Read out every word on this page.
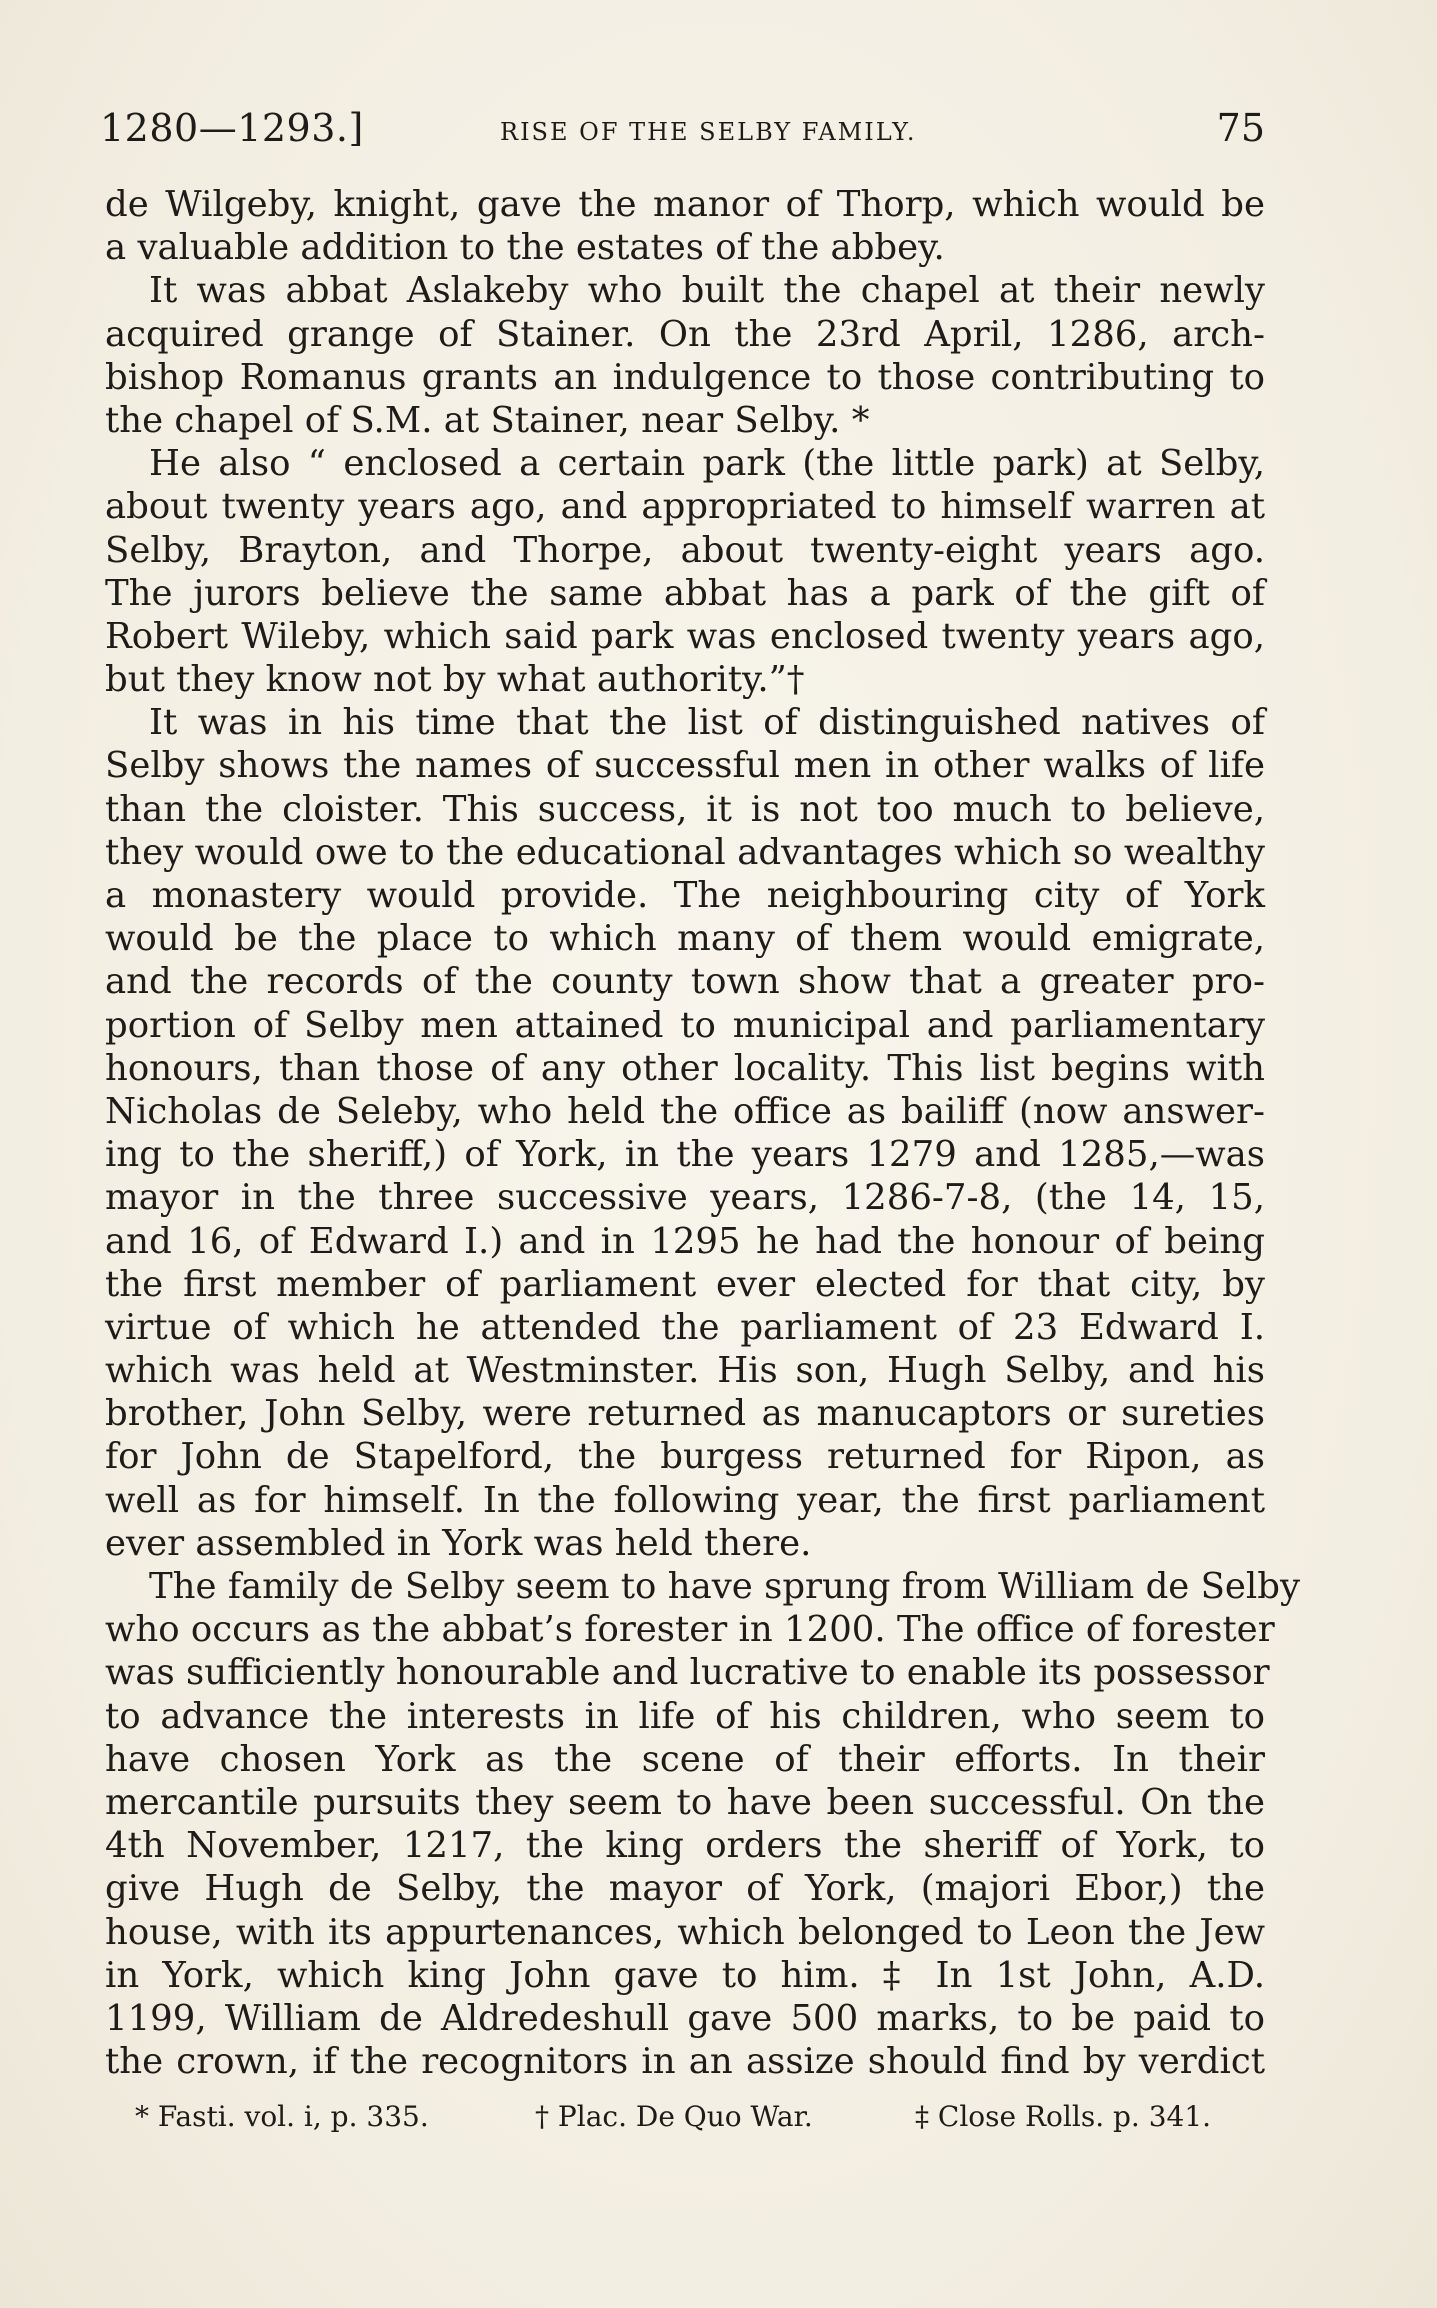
1280—1293.]	RISE OF THE SELBY FAMILY.	75
de Wilgeby, knight, gave the manor of Thorp, which would be
a valuable addition to the estates of the abbey.
It was abbat Aslakeby who built the chapel at their newly
acquired grange of Stainer. On the 23rd April, 1286, arch-
bishop Romanus grants an indulgence to those contributing to
the chapel of S.M. at Stainer, near Selby. *
He also “ enclosed a certain park (the little park) at Selby,
about twenty years ago, and appropriated to himself warren at
Selby, Brayton, and Thorpe, about twenty-eight years ago.
The jurors believe the same abbat has a park of the gift of
Robert Wileby, which said park was enclosed twenty years ago,
but they know not by what authority.”†
It was in his time that the list of distinguished natives of
Selby shows the names of successful men in other walks of life
than the cloister. This success, it is not too much to believe,
they would owe to the educational advantages which so wealthy
a monastery would provide. The neighbouring city of York
would be the place to which many of them would emigrate,
and the records of the county town show that a greater pro-
portion of Selby men attained to municipal and parliamentary
honours, than those of any other locality. This list begins with
Nicholas de Seleby, who held the office as bailiff (now answer-
ing to the sheriff,) of York, in the years 1279 and 1285,—was
mayor in the three successive years, 1286-7-8, (the 14, 15,
and 16, of Edward I.) and in 1295 he had the honour of being
the first member of parliament ever elected for that city, by
virtue of which he attended the parliament of 23 Edward I.
which was held at Westminster. His son, Hugh Selby, and his
brother, John Selby, were returned as manucaptors or sureties
for John de Stapelford, the burgess returned for Ripon, as
well as for himself. In the following year, the first parliament
ever assembled in York was held there.
The family de Selby seem to have sprung from William de Selby
who occurs as the abbat’s forester in 1200. The office of forester
was sufficiently honourable and lucrative to enable its possessor
to advance the interests in life of his children, who seem to
have chosen York as the scene of their efforts. In their
mercantile pursuits they seem to have been successful. On the
4th November, 1217, the king orders the sheriff of York, to
give Hugh de Selby, the mayor of York, (majori Ebor,) the
house, with its appurtenances, which belonged to Leon the Jew
in York, which king John gave to him. ‡ In 1st John, A.D.
1199, William de Aldredeshull gave 500 marks, to be paid to
the crown, if the recognitors in an assize should find by verdict
* Fasti. vol. i, p. 335.	† Plac. De Quo War.	‡ Close Rolls. p. 341.
